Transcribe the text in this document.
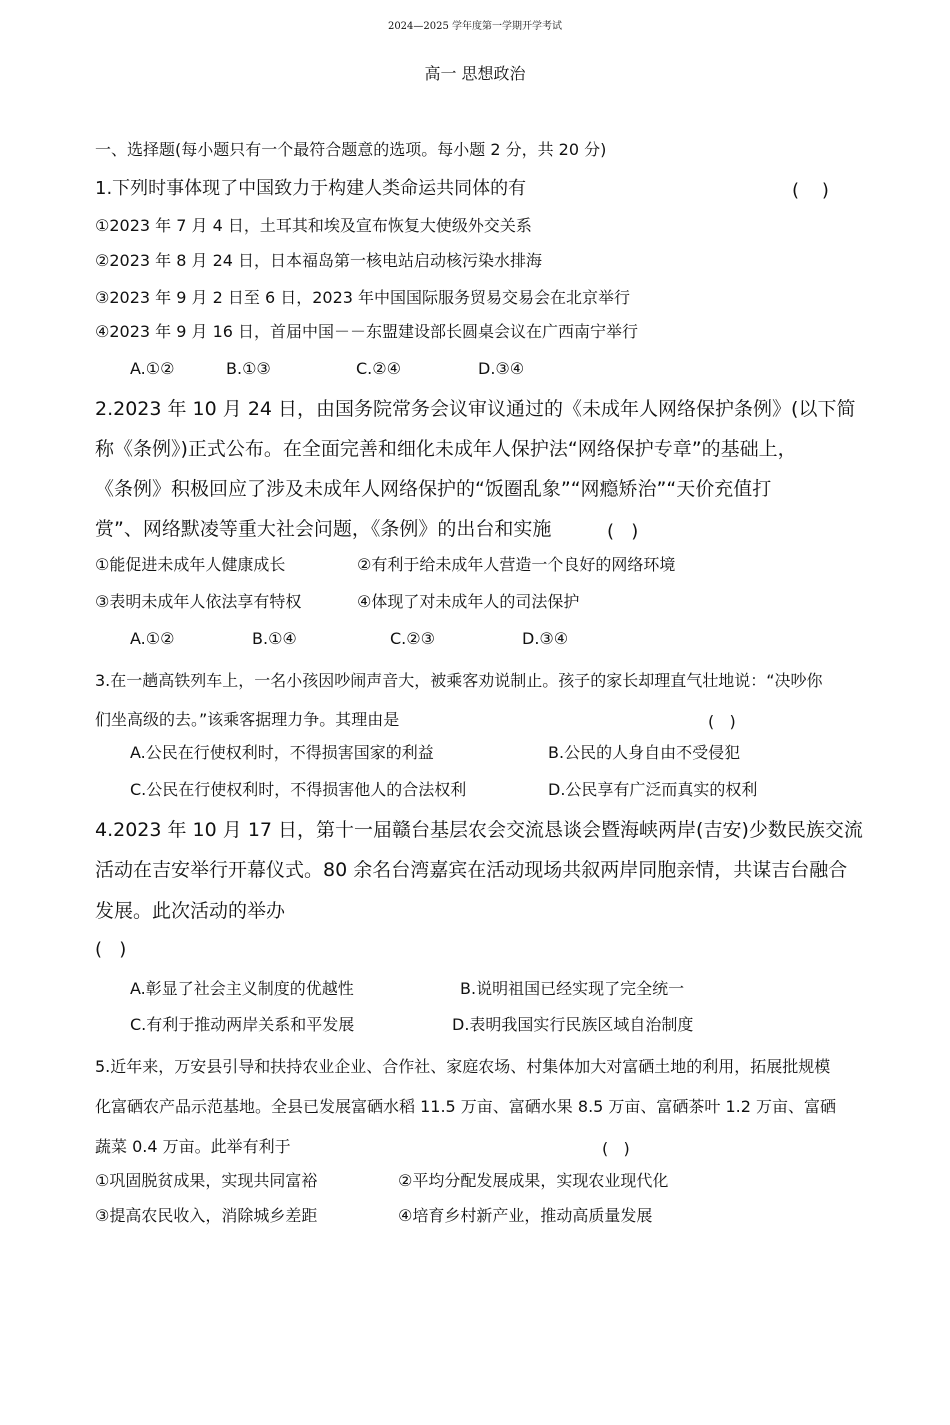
2024—2025 学年度第一学期开学考试
高一 思想政治
一、选择题(每小题只有一个最符合题意的选项。每小题 2 分，共 20 分)
1.下列时事体现了中国致力于构建人类命运共同体的有	(    )
①2023 年 7 月 4 日，土耳其和埃及宣布恢复大使级外交关系
②2023 年 8 月 24 日，日本福岛第一核电站启动核污染水排海
③2023 年 9 月 2 日至 6 日，2023 年中国国际服务贸易交易会在北京举行
④2023 年 9 月 16 日，首届中国－－东盟建设部长圆桌会议在广西南宁举行
A.①②	B.①③	C.②④	D.③④
2.2023 年 10 月 24 日，由国务院常务会议审议通过的《未成年人网络保护条例》(以下简
称《条例》)正式公布。在全面完善和细化未成年人保护法“网络保护专章”的基础上，
《条例》积极回应了涉及未成年人网络保护的“饭圈乱象”“网瘾矫治”“天价充值打
赏”、网络默凌等重大社会问题，《条例》的出台和实施	(   )
①能促进未成年人健康成长	②有利于给未成年人营造一个良好的网络环境
③表明未成年人依法享有特权	④体现了对未成年人的司法保护
A.①②	B.①④	C.②③	D.③④
3.在一趟高铁列车上，一名小孩因吵闹声音大，被乘客劝说制止。孩子的家长却理直气壮地说：“决吵你
们坐高级的去。”该乘客据理力争。其理由是	(   )
A.公民在行使权利时，不得损害国家的利益	B.公民的人身自由不受侵犯
C.公民在行使权利时，不得损害他人的合法权利	D.公民享有广泛而真实的权利
4.2023 年 10 月 17 日，第十一届赣台基层农会交流恳谈会暨海峡两岸(吉安)少数民族交流
活动在吉安举行开幕仪式。80 余名台湾嘉宾在活动现场共叙两岸同胞亲情，共谋吉台融合
发展。此次活动的举办
(   )
A.彰显了社会主义制度的优越性	B.说明祖国已经实现了完全统一
C.有利于推动两岸关系和平发展	D.表明我国实行民族区域自治制度
5.近年来，万安县引导和扶持农业企业、合作社、家庭农场、村集体加大对富硒土地的利用，拓展批规模
化富硒农产品示范基地。全县已发展富硒水稻 11.5 万亩、富硒水果 8.5 万亩、富硒茶叶 1.2 万亩、富硒
蔬菜 0.4 万亩。此举有利于	(   )
①巩固脱贫成果，实现共同富裕	②平均分配发展成果，实现农业现代化
③提高农民收入，消除城乡差距	④培育乡村新产业，推动高质量发展
